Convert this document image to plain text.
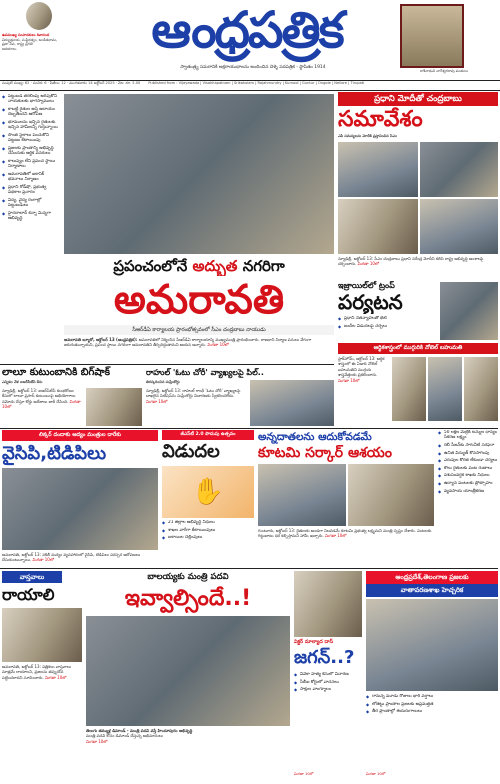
ఉపముఖ్య సంపాదకులు శివానంద
విద్యుత్తులకు, సుస్ధిరత్వం, అంకితభావం,
ప్రజా సేవ, రాష్ట్ర ప్రగతి
ఆశయాలు	ఆంధ్రపత్రిక
స్వాతంత్ర్య సమరానికి అక్షరాయుధాలను అందించిన చెళ్ళె పదపత్రిక - స్థాపితం 1914
కాశీనాథుని నాగేశ్వరరావు పంతులు
సంపుటి సంఖ్య: 62 · సంచిక: 6 · పేజీలు: 12 · మంగళవారం 14 అక్టోబర్ 2025 · వెల: రూ. 5.00 Published from : Vijayawada | Visakhapatnam | Srikakulam | Rajahmundry | Kurnool | Guntur | Ongole | Nellore | Tirupati
◆ పెట్టుబడి తరలింపు అరిపుకొని నాయకులకు భాగస్వాములు
◆ కాబట్టి రైతుల ఆస్తి ఆదాయం దెబ్బతిందని ఆరోపణ
◆ భూములను ఇచ్చిన రైతులకు ఇచ్చిన హామీలన్నీ గుర్తున్నాయి
◆ సొంత స్థలాలు పెంచుకొని పట్టణం కేటాయింపు
◆ ప్రజలకు ప్రాంతాన్ని అభివృద్ధి చేసేందుకు ఆర్థిక వనరులు
◆ కాలుష్యం లేని ప్రపంచ స్థాయి నిర్మాణాలు
◆ అమరావతిలో ఐకానిక్ భవనాలు నిర్మాణం
◆ ప్రధాని రోడ్‌షో, ప్రభుత్వ పథకాల ప్రచారం
◆ విద్య, వైద్య రంగాల్లో పెట్టుబడులు
◆ హైదరాబాద్ కన్నా మిన్నగా అభివృద్ధి
ప్రపంచంలోనే అద్భుత నగరిగా
అమరావతి
సీఆర్‌డీఏ కార్యాలయ ప్రారంభోత్సవంలో సీఎం చంద్రబాబు నాయుడు
అమరావతి బ్యూరో, అక్టోబర్ 13 (ఆంధ్రపత్రిక): అమరావతిలో నిర్మించిన సీఆర్‌డీఏ కార్యాలయాన్ని ముఖ్యమంత్రి ప్రారంభించారు. రాజధాని నిర్మాణ పనులు వేగంగా జరుగుతున్నాయని, ప్రపంచ స్థాయి నగరంగా అమరావతిని తీర్చిదిద్దుతామని ఆయన అన్నారు. మిగతా 10లో
ప్రధాని మోదీతో చంద్రబాబు
సమావేశం
ఎపీ సమస్యలను మోదీకి ప్రస్తావించిన సీఎం
న్యూఢిల్లీ, అక్టోబర్ 13: సీఎం చంద్రబాబు ప్రధాని నరేంద్ర మోదీని కలిసి రాష్ట్ర అభివృద్ధి అంశాలపై చర్చించారు. మిగతా 10లో
ఇజ్రాయిల్‌లో ట్రంప్
పర్యటన
◆ ప్రధాని నెతన్యాహుతో భేటీ
◆ బందీల విడుదలపై చర్చలు
ఆర్థికశాస్త్రంలో ముగ్గురికి నోబెల్ బహుమతి
స్టాక్‌హోమ్, అక్టోబర్ 13: ఆర్థిక శాస్త్రంలో ఈ ఏడాది నోబెల్ బహుమతిని ముగ్గురు శాస్త్రవేత్తలకు ప్రకటించారు. మిగతా 10లో
లాలూ కుటుంబానికి బిగ్‌షాక్
ఎన్నికల వేళ ఐఆర్‌సీటీసీ కేసు
న్యూఢిల్లీ, అక్టోబర్ 13: ఐఆర్‌సీటీసీ కుంభకోణం కేసులో లాలూ ప్రసాద్ కుటుంబంపై అభియోగాలు నమోదు చేస్తూ కోర్టు ఆదేశాలు జారీ చేసింది. మిగతా 10లో
రాహుల్ 'ఓటు చోరీ' వ్యాఖ్యలపై పిల్..
తిరస్కరించిన సుప్రీంకోర్టు
న్యూఢిల్లీ, అక్టోబర్ 13: రాహుల్ గాంధీ 'ఓటు చోరీ' వ్యాఖ్యలపై దాఖలైన పిటిషన్‌ను సుప్రీంకోర్టు విచారణకు స్వీకరించలేదు. మిగతా 10లో
లిక్కర్ దందాకు ఆద్యం మంత్రుల దారేకు
వైసిపి,టిడిపిలు
అమరావతి, అక్టోబర్ 13: నకిలీ మద్యం వ్యవహారంలో వైసిపి, టిడిపిలు పరస్పర ఆరోపణలు చేసుకుంటున్నాయి. మిగతా 10లో
జీఎస్‌టీ 2.0 పొదుపు ఉత్సవం
విడుదల
✋
◆ 21 జిల్లాల అభివృద్ధి నిధులు
◆ శాఖల వారీగా కేటాయింపులు
◆ బకాయిల చెల్లింపులు
అన్నదాతలను ఆదుకోవడమే
కూటమి సర్కార్ ఆశయం
గుంటూరు, అక్టోబర్ 13: రైతులకు అండగా నిలవడమే కూటమి ప్రభుత్వ లక్ష్యమని మంత్రి స్పష్టం చేశారు. పంటలకు గిట్టుబాటు ధర కల్పిస్తామని హామీ ఇచ్చారు. మిగతా 10లో
◆ 50 లక్షల మెట్రిక్ టన్నుల ధాన్యం సేకరణ లక్ష్యం
◆ రబీ సీజన్‌కు సాగునీటి సరఫరా
◆ ఉచిత విద్యుత్ కొనసాగింపు
◆ ఎరువుల కొరత లేకుండా చర్యలు
◆ కౌలు రైతులకు పంట రుణాలు
◆ పశుసంవర్ధక శాఖకు నిధులు
◆ ఉద్యాన పంటలకు ప్రోత్సాహం
◆ వ్యవసాయ యాంత్రీకరణ
వాస్తవాలు
రాయాలి
అమరావతి, అక్టోబర్ 13: పత్రికలు వాస్తవాలు మాత్రమే రాయాలని, ప్రజలను తప్పుదోవ పట్టించరాదని సూచించారు. మిగతా 10లో
బాలయ్యకు మంత్రి పదవి
ఇవ్వాల్సిందే..!
తెలుగు తమ్ముళ్ల డిమాండ్ - మంత్రి పదవి వస్తే హిందూపురం అభివృద్ధి
మంత్రి పదవి కోసం డిమాండ్ చేస్తున్న అభిమానులు
మిగతా 10లో
విక్టర్ మాల్యాద దాస్
జగన్..?
◆ వివేకా హత్య కేసులో విచారణ
◆ సీబీఐ కోర్టులో వాదనలు
◆ సాక్షుల వాంగ్మూలం
మిగతా 10లో
ఆంధ్రప్రదేశ్,తెలంగాణ ప్రజలకు
వాతావరణశాఖ హెచ్చరిక
◆ రానున్న మూడు రోజులు భారీ వర్షాలు
◆ లోతట్టు ప్రాంతాల ప్రజలకు అప్రమత్తత
◆ తీర ప్రాంతాల్లో ఈదురుగాలులు
మిగతా 10లో
